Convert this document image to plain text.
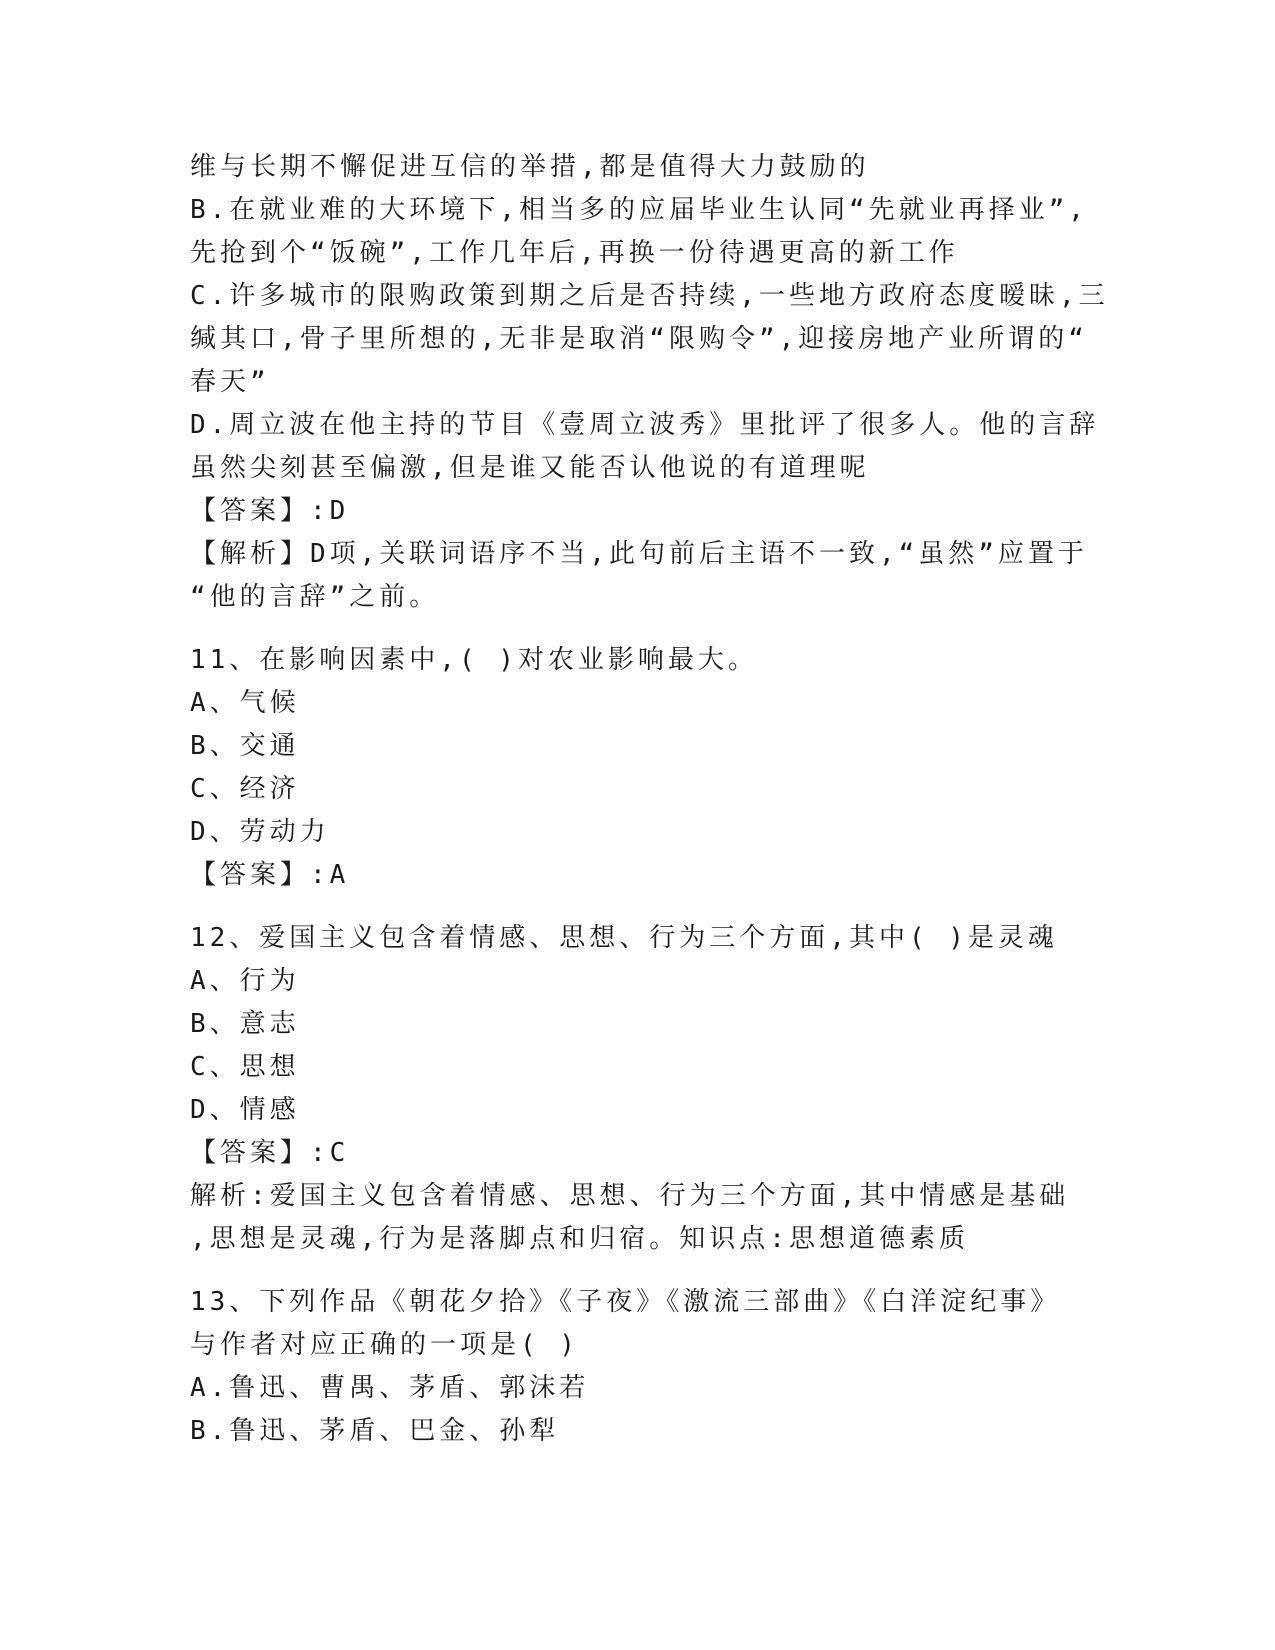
维与长期不懈促进互信的举措,都是值得大力鼓励的
B.在就业难的大环境下,相当多的应届毕业生认同“先就业再择业”,
先抢到个“饭碗”,工作几年后,再换一份待遇更高的新工作
C.许多城市的限购政策到期之后是否持续,一些地方政府态度暧昧,三
缄其口,骨子里所想的,无非是取消“限购令”,迎接房地产业所谓的“
春天”
D.周立波在他主持的节目《壹周立波秀》里批评了很多人。他的言辞
虽然尖刻甚至偏激,但是谁又能否认他说的有道理呢
【答案】:D
【解析】D项,关联词语序不当,此句前后主语不一致,“虽然”应置于
“他的言辞”之前。
11、在影响因素中,( )对农业影响最大。
A、气候
B、交通
C、经济
D、劳动力
【答案】:A
12、爱国主义包含着情感、思想、行为三个方面,其中( )是灵魂
A、行为
B、意志
C、思想
D、情感
【答案】:C
解析:爱国主义包含着情感、思想、行为三个方面,其中情感是基础
,思想是灵魂,行为是落脚点和归宿。知识点:思想道德素质
13、下列作品《朝花夕拾》《子夜》《激流三部曲》《白洋淀纪事》
与作者对应正确的一项是( )
A.鲁迅、曹禺、茅盾、郭沫若
B.鲁迅、茅盾、巴金、孙犁
